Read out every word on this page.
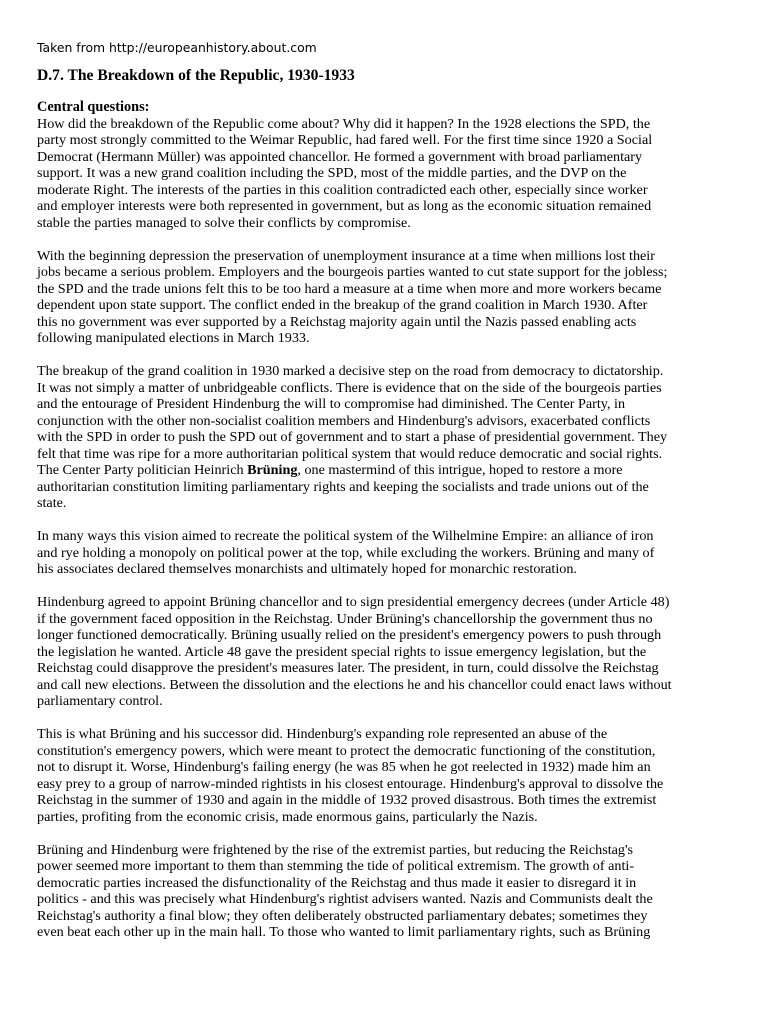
Taken from http://europeanhistory.about.com

D.7. The Breakdown of the Republic, 1930-1933

Central questions:

How did the breakdown of the Republic come about? Why did it happen? In the 1928 elections the SPD, the
party most strongly committed to the Weimar Republic, had fared well. For the first time since 1920 a Social
Democrat (Hermann Müller) was appointed chancellor. He formed a government with broad parliamentary
support. It was a new grand coalition including the SPD, most of the middle parties, and the DVP on the
moderate Right. The interests of the parties in this coalition contradicted each other, especially since worker
and employer interests were both represented in government, but as long as the economic situation remained
stable the parties managed to solve their conflicts by compromise.

With the beginning depression the preservation of unemployment insurance at a time when millions lost their
jobs became a serious problem. Employers and the bourgeois parties wanted to cut state support for the jobless;
the SPD and the trade unions felt this to be too hard a measure at a time when more and more workers became
dependent upon state support. The conflict ended in the breakup of the grand coalition in March 1930. After
this no government was ever supported by a Reichstag majority again until the Nazis passed enabling acts
following manipulated elections in March 1933.

The breakup of the grand coalition in 1930 marked a decisive step on the road from democracy to dictatorship.
It was not simply a matter of unbridgeable conflicts. There is evidence that on the side of the bourgeois parties
and the entourage of President Hindenburg the will to compromise had diminished. The Center Party, in
conjunction with the other non-socialist coalition members and Hindenburg's advisors, exacerbated conflicts
with the SPD in order to push the SPD out of government and to start a phase of presidential government. They
felt that time was ripe for a more authoritarian political system that would reduce democratic and social rights.
The Center Party politician Heinrich Brüning, one mastermind of this intrigue, hoped to restore a more
authoritarian constitution limiting parliamentary rights and keeping the socialists and trade unions out of the
state.

In many ways this vision aimed to recreate the political system of the Wilhelmine Empire: an alliance of iron
and rye holding a monopoly on political power at the top, while excluding the workers. Brüning and many of
his associates declared themselves monarchists and ultimately hoped for monarchic restoration.

Hindenburg agreed to appoint Brüning chancellor and to sign presidential emergency decrees (under Article 48)
if the government faced opposition in the Reichstag. Under Brüning's chancellorship the government thus no
longer functioned democratically. Brüning usually relied on the president's emergency powers to push through
the legislation he wanted. Article 48 gave the president special rights to issue emergency legislation, but the
Reichstag could disapprove the president's measures later. The president, in turn, could dissolve the Reichstag
and call new elections. Between the dissolution and the elections he and his chancellor could enact laws without
parliamentary control.

This is what Brüning and his successor did. Hindenburg's expanding role represented an abuse of the
constitution's emergency powers, which were meant to protect the democratic functioning of the constitution,
not to disrupt it. Worse, Hindenburg's failing energy (he was 85 when he got reelected in 1932) made him an
easy prey to a group of narrow-minded rightists in his closest entourage. Hindenburg's approval to dissolve the
Reichstag in the summer of 1930 and again in the middle of 1932 proved disastrous. Both times the extremist
parties, profiting from the economic crisis, made enormous gains, particularly the Nazis.

Brüning and Hindenburg were frightened by the rise of the extremist parties, but reducing the Reichstag's
power seemed more important to them than stemming the tide of political extremism. The growth of anti-
democratic parties increased the disfunctionality of the Reichstag and thus made it easier to disregard it in
politics - and this was precisely what Hindenburg's rightist advisers wanted. Nazis and Communists dealt the
Reichstag's authority a final blow; they often deliberately obstructed parliamentary debates; sometimes they
even beat each other up in the main hall. To those who wanted to limit parliamentary rights, such as Brüning
